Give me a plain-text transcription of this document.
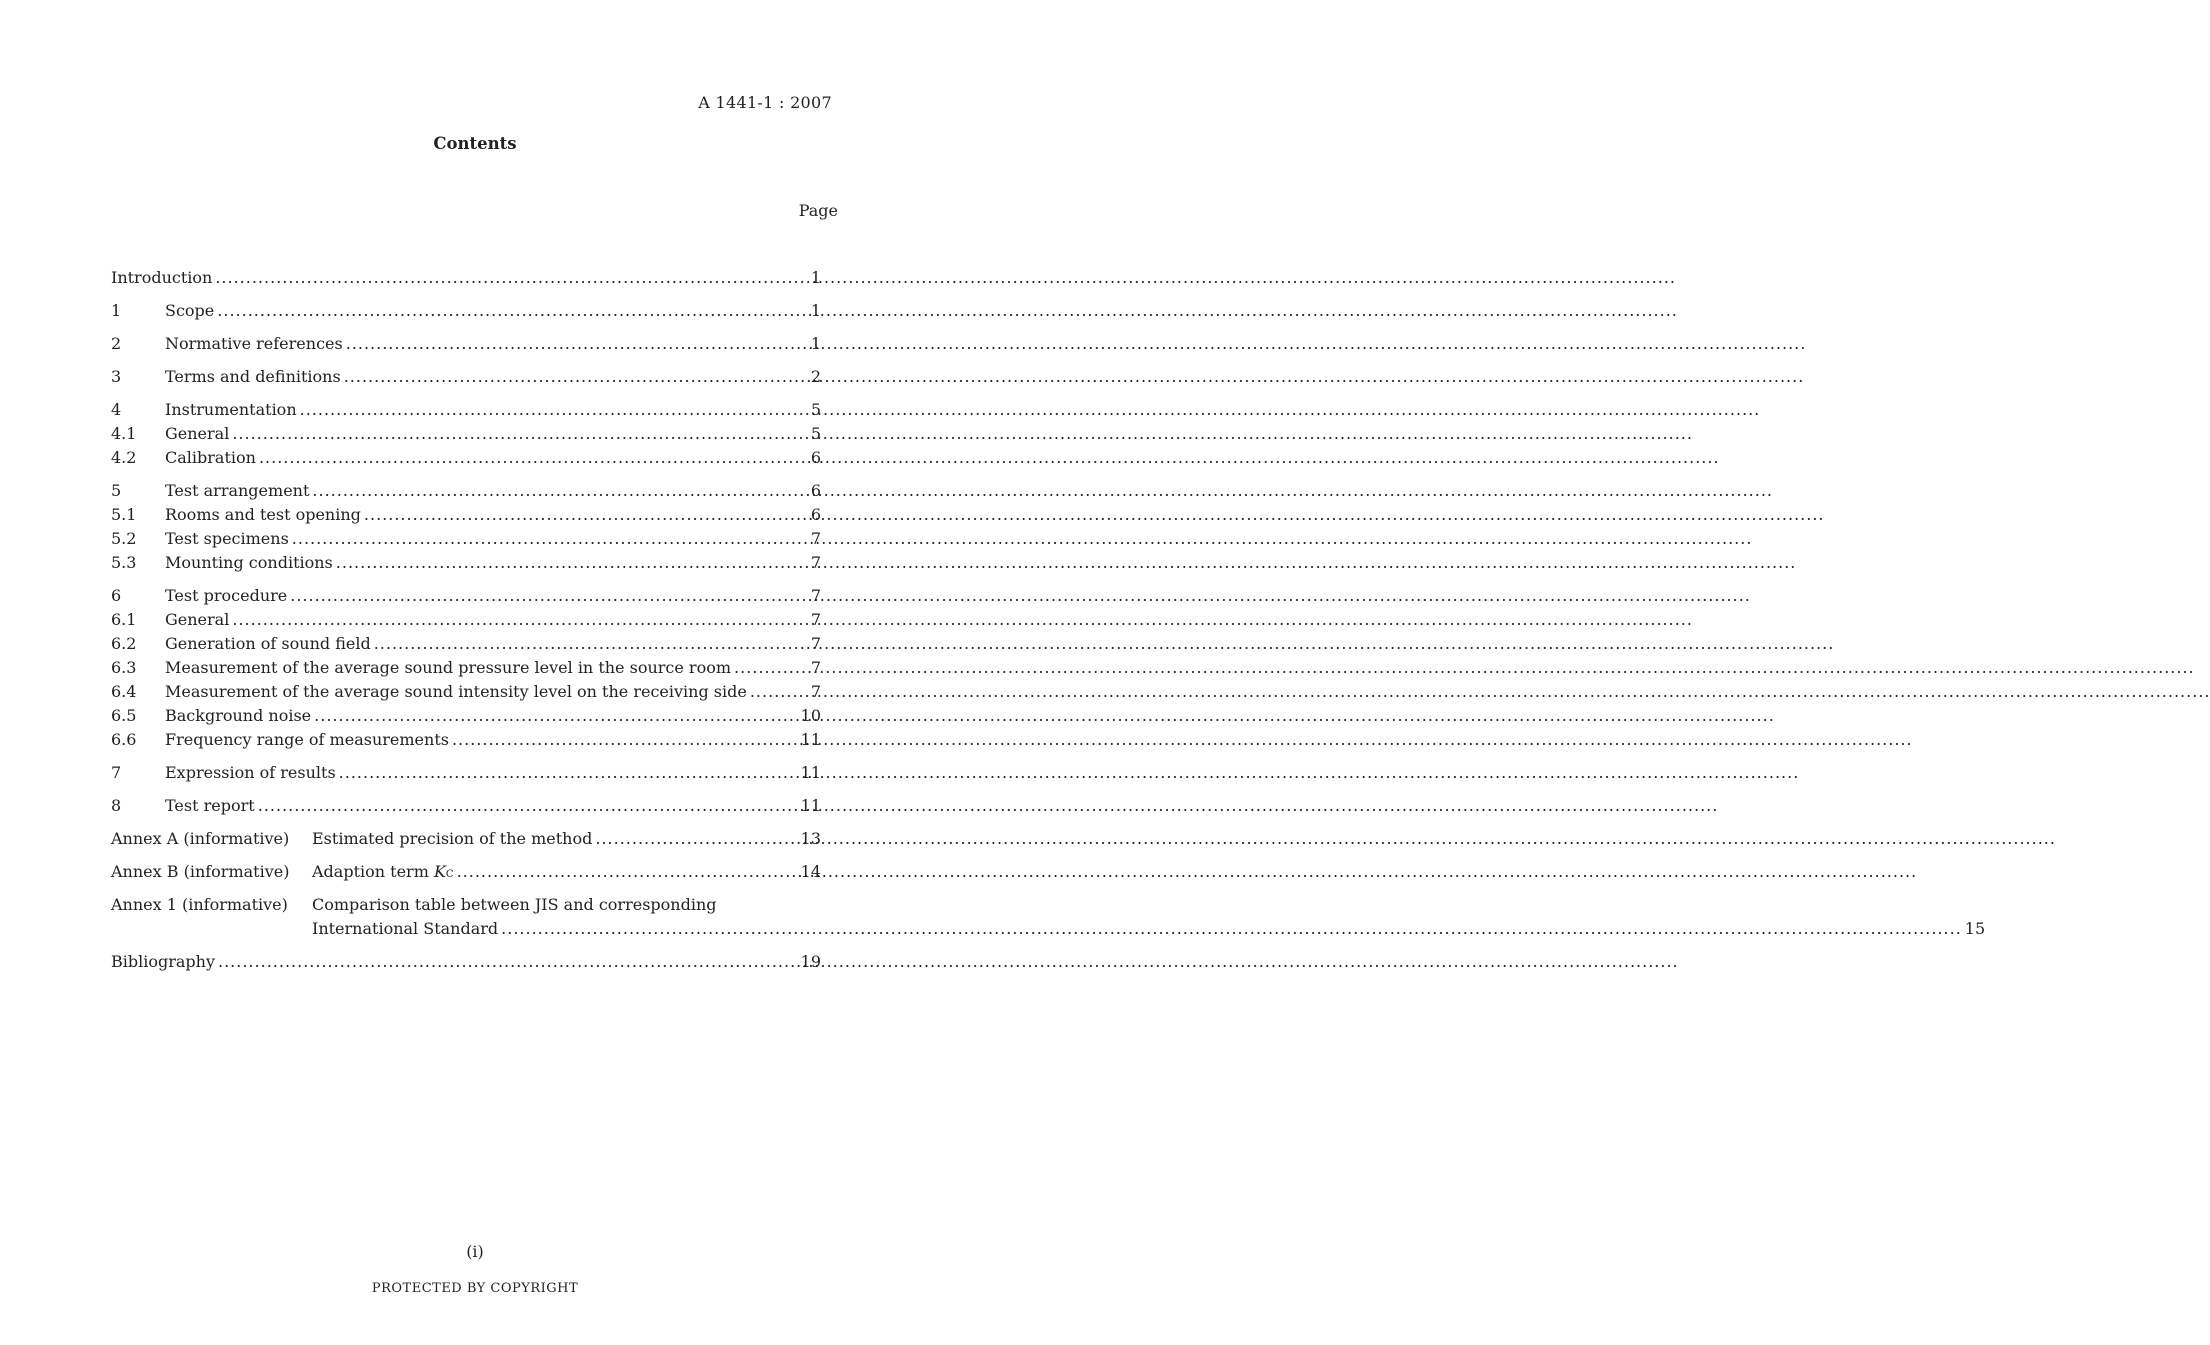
A 1441-1 : 2007
Contents
Page
Introduction .....	1
1	Scope .....	1
2	Normative references .....	1
3	Terms and definitions .....	2
4	Instrumentation .....	5
4.1	General .....	5
4.2	Calibration .....	6
5	Test arrangement .....	6
5.1	Rooms and test opening .....	6
5.2	Test specimens .....	7
5.3	Mounting conditions .....	7
6	Test procedure .....	7
6.1	General .....	7
6.2	Generation of sound field .....	7
6.3	Measurement of the average sound pressure level in the source room .....	7
6.4	Measurement of the average sound intensity level on the receiving side .....	7
6.5	Background noise .....	10
6.6	Frequency range of measurements .....	11
7	Expression of results .....	11
8	Test report .....	11
Annex A (informative)	Estimated precision of the method .....	13
Annex B (informative)	Adaption term KC .....	14
Annex 1 (informative)	Comparison table between JIS and corresponding
International Standard .....	15
Bibliography .....	19
(i)
PROTECTED BY COPYRIGHT
